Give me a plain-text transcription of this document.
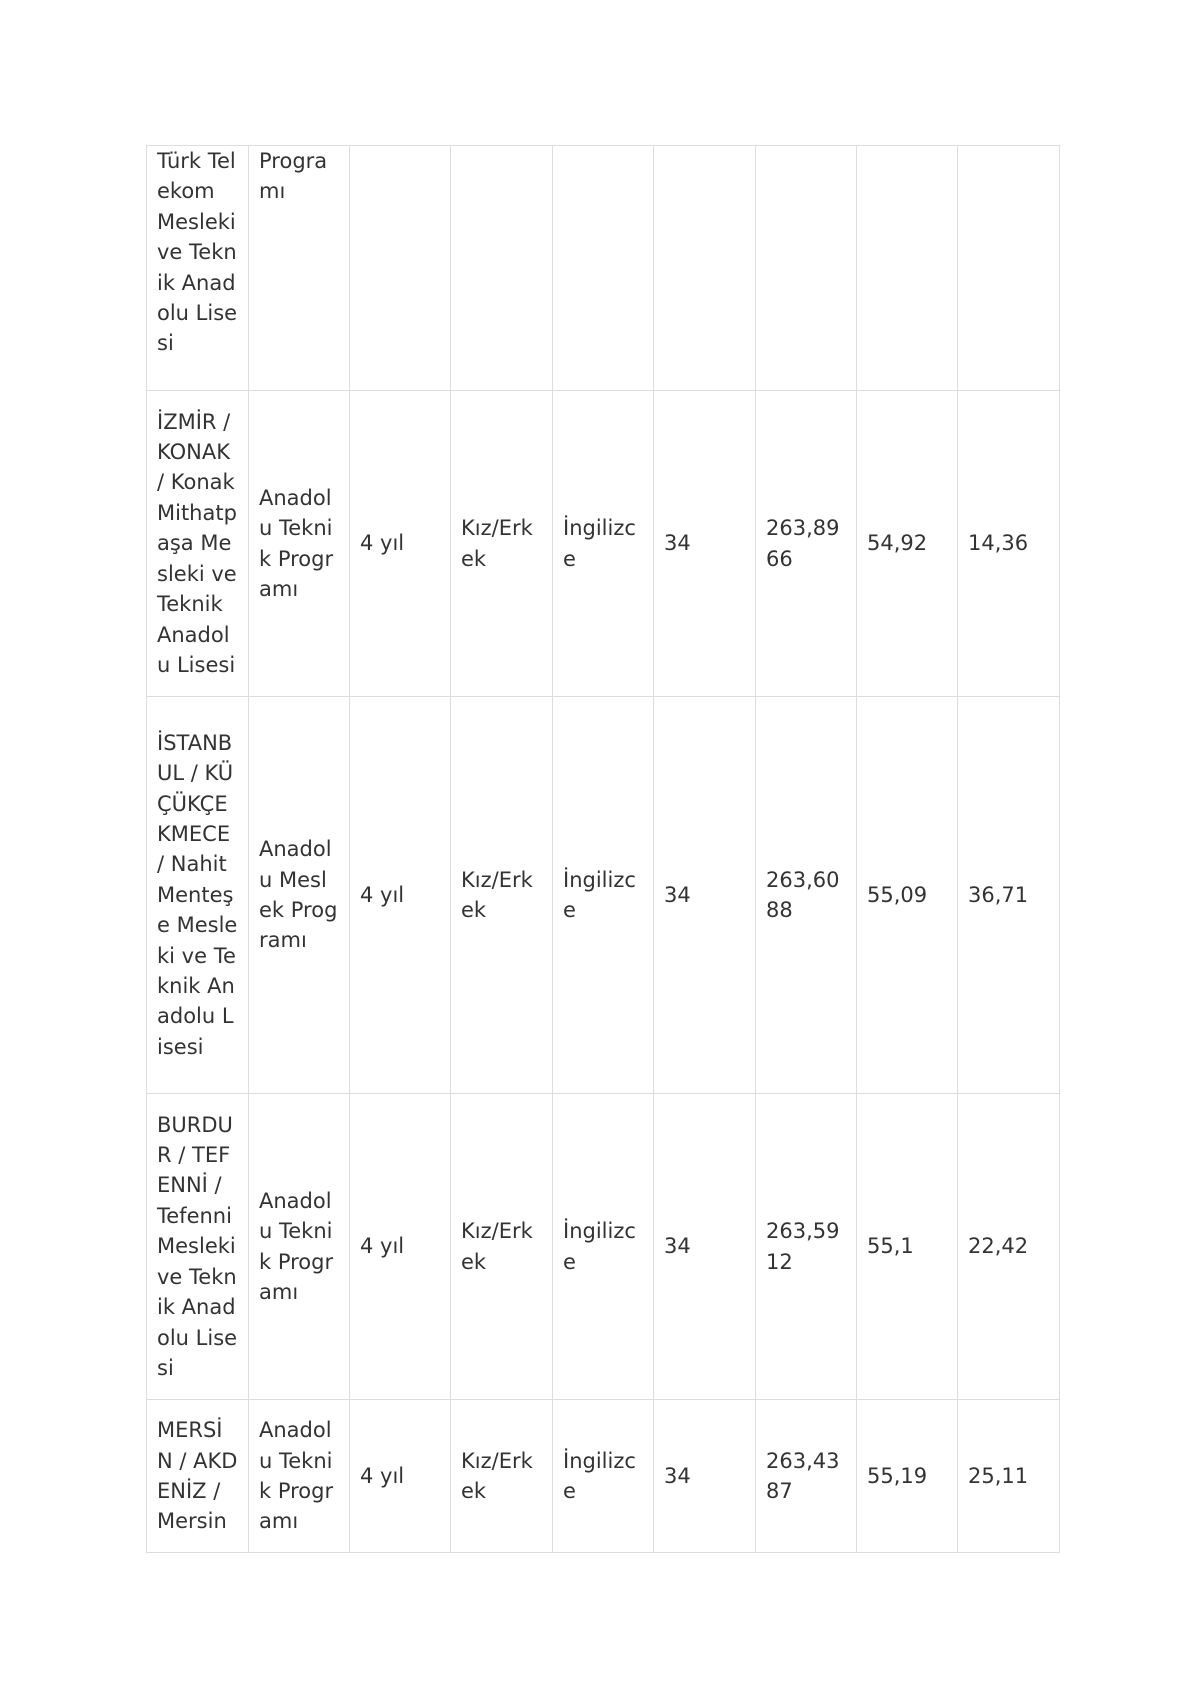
Türk Telekom Mesleki ve Teknik Anadolu Lisesi	Programı							
İZMİR / KONAK / Konak Mithatpaşa Mesleki ve Teknik Anadolu Lisesi	Anadolu Teknik Programı	4 yıl	Kız/Erkek	İngilizce	34	263,8966	54,92	14,36
İSTANBUL / KÜÇÜKÇEKMECE / Nahit Menteşe Mesleki ve Teknik Anadolu Lisesi	Anadolu Meslek Programı	4 yıl	Kız/Erkek	İngilizce	34	263,6088	55,09	36,71
BURDUR / TEFENNİ / Tefenni Mesleki ve Teknik Anadolu Lisesi	Anadolu Teknik Programı	4 yıl	Kız/Erkek	İngilizce	34	263,5912	55,1	22,42
MERSİN / AKDENİZ / Mersin	Anadolu Teknik Programı	4 yıl	Kız/Erkek	İngilizce	34	263,4387	55,19	25,11
